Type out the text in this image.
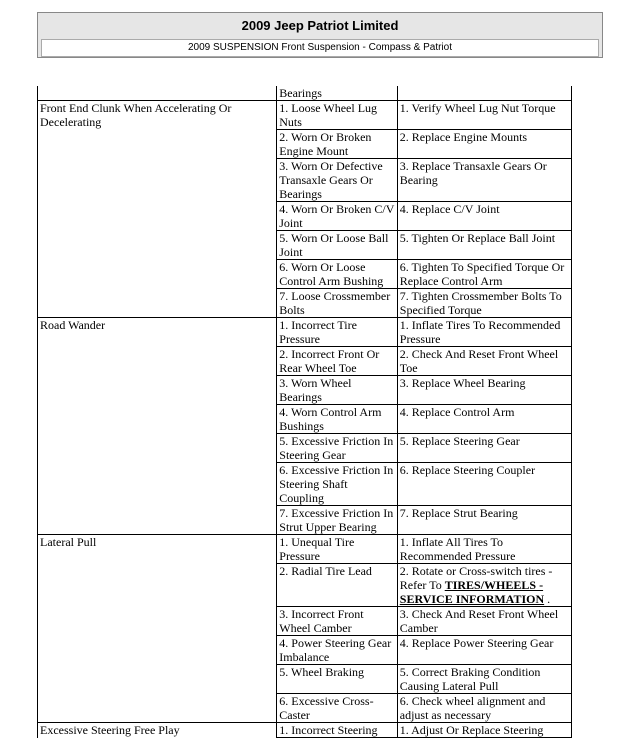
2009 Jeep Patriot Limited
2009 SUSPENSION Front Suspension - Compass & Patriot
	Bearings	
Front End Clunk When Accelerating Or Decelerating	1. Loose Wheel Lug Nuts	1. Verify Wheel Lug Nut Torque
	2. Worn Or Broken Engine Mount	2. Replace Engine Mounts
	3. Worn Or Defective Transaxle Gears Or Bearings	3. Replace Transaxle Gears Or Bearing
	4. Worn Or Broken C/V Joint	4. Replace C/V Joint
	5. Worn Or Loose Ball Joint	5. Tighten Or Replace Ball Joint
	6. Worn Or Loose Control Arm Bushing	6. Tighten To Specified Torque Or Replace Control Arm
	7. Loose Crossmember Bolts	7. Tighten Crossmember Bolts To Specified Torque
Road Wander	1. Incorrect Tire Pressure	1. Inflate Tires To Recommended Pressure
	2. Incorrect Front Or Rear Wheel Toe	2. Check And Reset Front Wheel Toe
	3. Worn Wheel Bearings	3. Replace Wheel Bearing
	4. Worn Control Arm Bushings	4. Replace Control Arm
	5. Excessive Friction In Steering Gear	5. Replace Steering Gear
	6. Excessive Friction In Steering Shaft Coupling	6. Replace Steering Coupler
	7. Excessive Friction In Strut Upper Bearing	7. Replace Strut Bearing
Lateral Pull	1. Unequal Tire Pressure	1. Inflate All Tires To Recommended Pressure
	2. Radial Tire Lead	2. Rotate or Cross-switch tires - Refer To TIRES/WHEELS - SERVICE INFORMATION .
	3. Incorrect Front Wheel Camber	3. Check And Reset Front Wheel Camber
	4. Power Steering Gear Imbalance	4. Replace Power Steering Gear
	5. Wheel Braking	5. Correct Braking Condition Causing Lateral Pull
	6. Excessive Cross-Caster	6. Check wheel alignment and adjust as necessary
Excessive Steering Free Play	1. Incorrect Steering	1. Adjust Or Replace Steering
